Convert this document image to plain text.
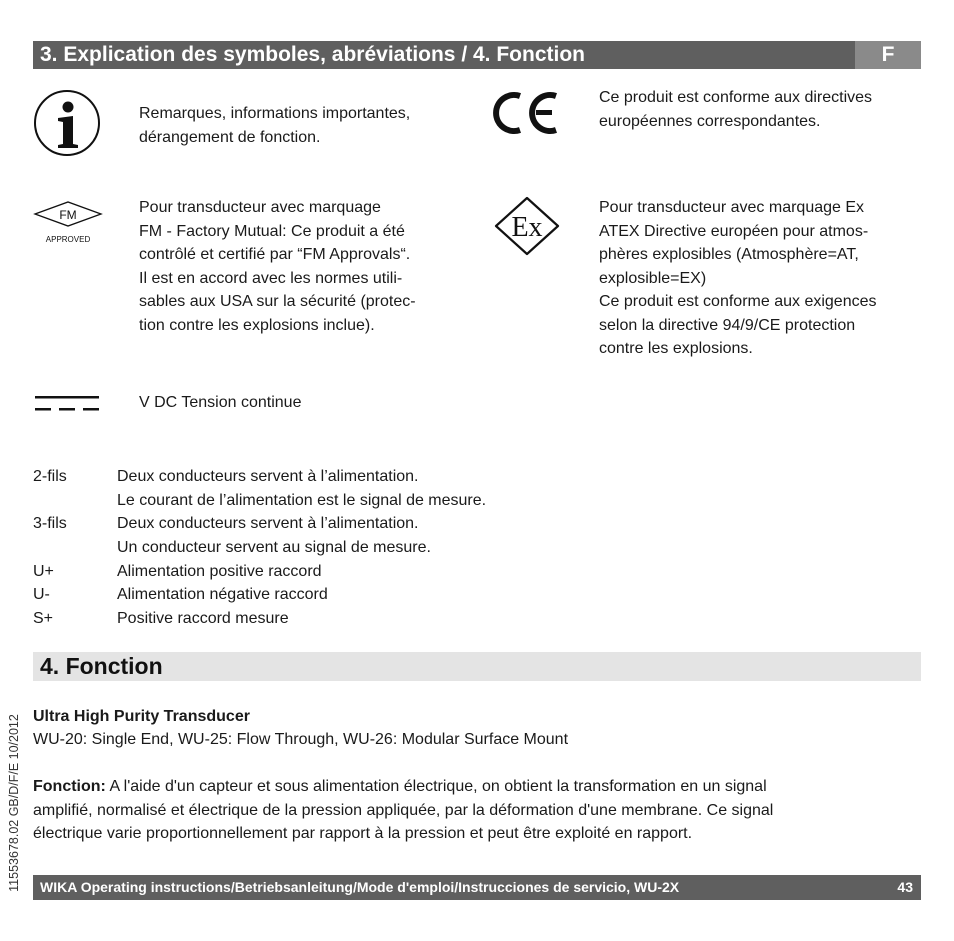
3. Explication des symboles, abréviations / 4. Fonction	F
Remarques, informations importantes,
dérangement de fonction.
Ce produit est conforme aux directives
européennes correspondantes.
FM
APPROVED
Pour transducteur avec marquage
FM - Factory Mutual: Ce produit a été
contrôlé et certifié par “FM Approvals“.
Il est en accord avec les normes utili-
sables aux USA sur la sécurité (protec-
tion contre les explosions inclue).
Ex
Pour transducteur avec marquage Ex
ATEX Directive européen pour atmos-
phères explosibles (Atmosphère=AT,
explosible=EX)
Ce produit est conforme aux exigences
selon la directive 94/9/CE protection
contre les explosions.
V DC Tension continue
2-fils	Deux conducteurs servent à l’alimentation.
Le courant de l’alimentation est le signal de mesure.
3-fils	Deux conducteurs servent à l’alimentation.
Un conducteur servent au signal de mesure.
U+	Alimentation positive raccord
U-	Alimentation négative raccord
S+	Positive raccord mesure
4. Fonction
Ultra High Purity Transducer
WU-20: Single End, WU-25: Flow Through, WU-26: Modular Surface Mount
Fonction: A l'aide d'un capteur et sous alimentation électrique, on obtient la transformation en un signal
amplifié, normalisé et électrique de la pression appliquée, par la déformation d'une membrane. Ce signal
électrique varie proportionnellement par rapport à la pression et peut être exploité en rapport.
WIKA Operating instructions/Betriebsanleitung/Mode d'emploi/Instrucciones de servicio, WU-2X	43
11553678.02 GB/D/F/E 10/2012
